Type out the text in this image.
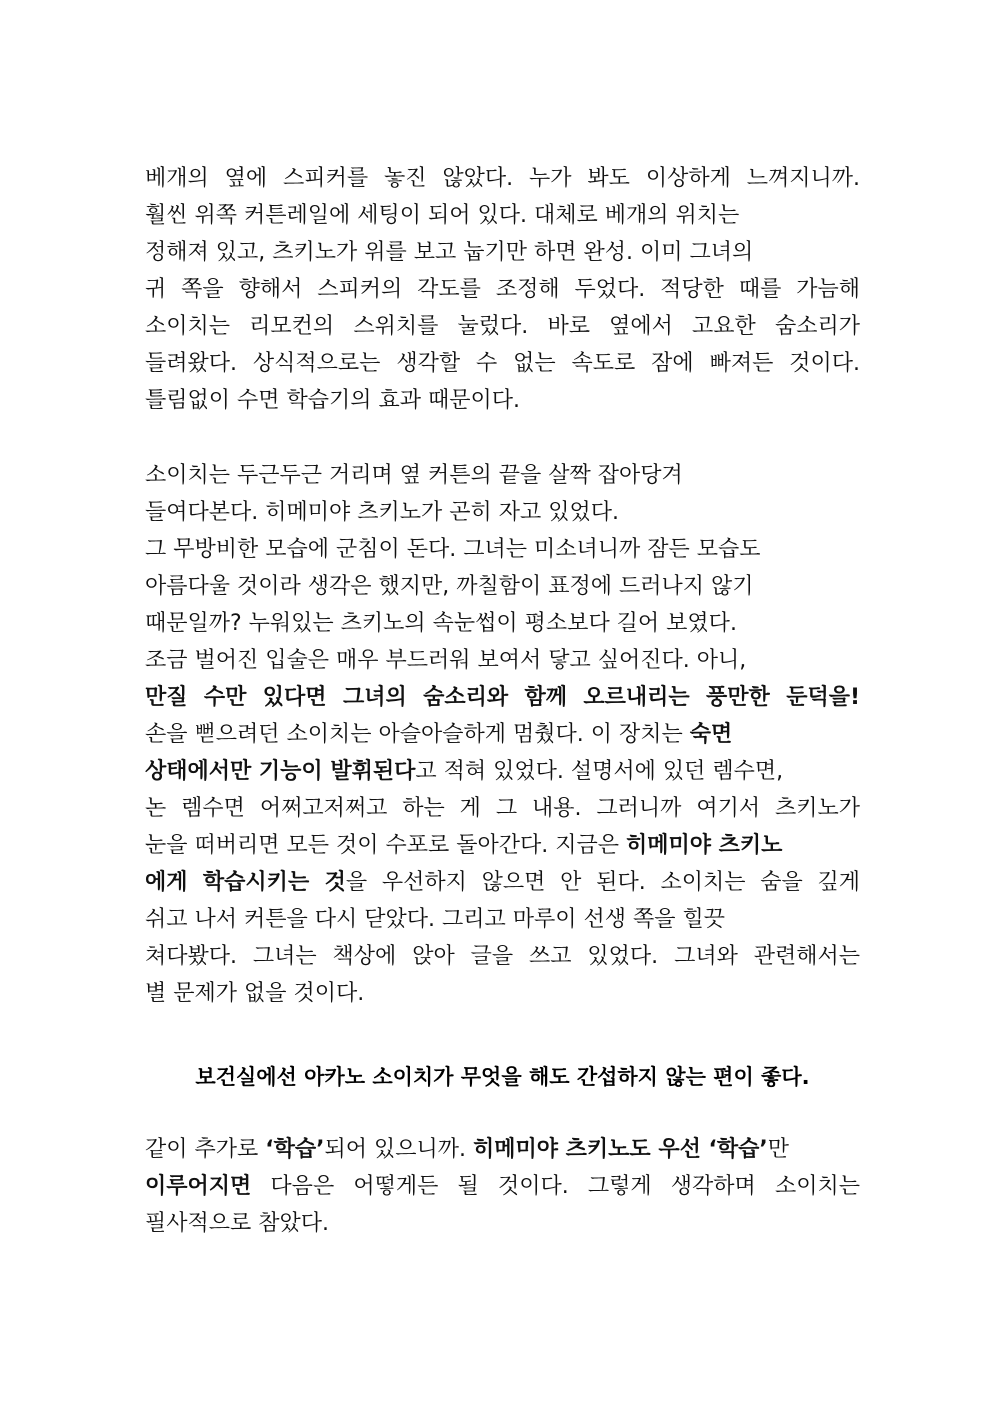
베개의 옆에 스피커를 놓진 않았다. 누가 봐도 이상하게 느껴지니까.
훨씬 위쪽 커튼레일에 세팅이 되어 있다. 대체로 베개의 위치는
정해져 있고, 츠키노가 위를 보고 눕기만 하면 완성. 이미 그녀의
귀 쪽을 향해서 스피커의 각도를 조정해 두었다. 적당한 때를 가늠해
소이치는 리모컨의 스위치를 눌렀다. 바로 옆에서 고요한 숨소리가
들려왔다. 상식적으로는 생각할 수 없는 속도로 잠에 빠져든 것이다.
틀림없이 수면 학습기의 효과 때문이다.
소이치는 두근두근 거리며 옆 커튼의 끝을 살짝 잡아당겨
들여다본다. 히메미야 츠키노가 곤히 자고 있었다.
그 무방비한 모습에 군침이 돈다. 그녀는 미소녀니까 잠든 모습도
아름다울 것이라 생각은 했지만, 까칠함이 표정에 드러나지 않기
때문일까? 누워있는 츠키노의 속눈썹이 평소보다 길어 보였다.
조금 벌어진 입술은 매우 부드러워 보여서 닿고 싶어진다. 아니,
만질 수만 있다면 그녀의 숨소리와 함께 오르내리는 풍만한 둔덕을!
손을 뻗으려던 소이치는 아슬아슬하게 멈췄다. 이 장치는 숙면
상태에서만 기능이 발휘된다고 적혀 있었다. 설명서에 있던 렘수면,
논 렘수면 어쩌고저쩌고 하는 게 그 내용. 그러니까 여기서 츠키노가
눈을 떠버리면 모든 것이 수포로 돌아간다. 지금은 히메미야 츠키노
에게 학습시키는 것을 우선하지 않으면 안 된다. 소이치는 숨을 깊게
쉬고 나서 커튼을 다시 닫았다. 그리고 마루이 선생 쪽을 힐끗
쳐다봤다. 그녀는 책상에 앉아 글을 쓰고 있었다. 그녀와 관련해서는
별 문제가 없을 것이다.
보건실에선 아카노 소이치가 무엇을 해도 간섭하지 않는 편이 좋다.
같이 추가로 ‘학습’되어 있으니까. 히메미야 츠키노도 우선 ‘학습’만
이루어지면 다음은 어떻게든 될 것이다. 그렇게 생각하며 소이치는
필사적으로 참았다.
